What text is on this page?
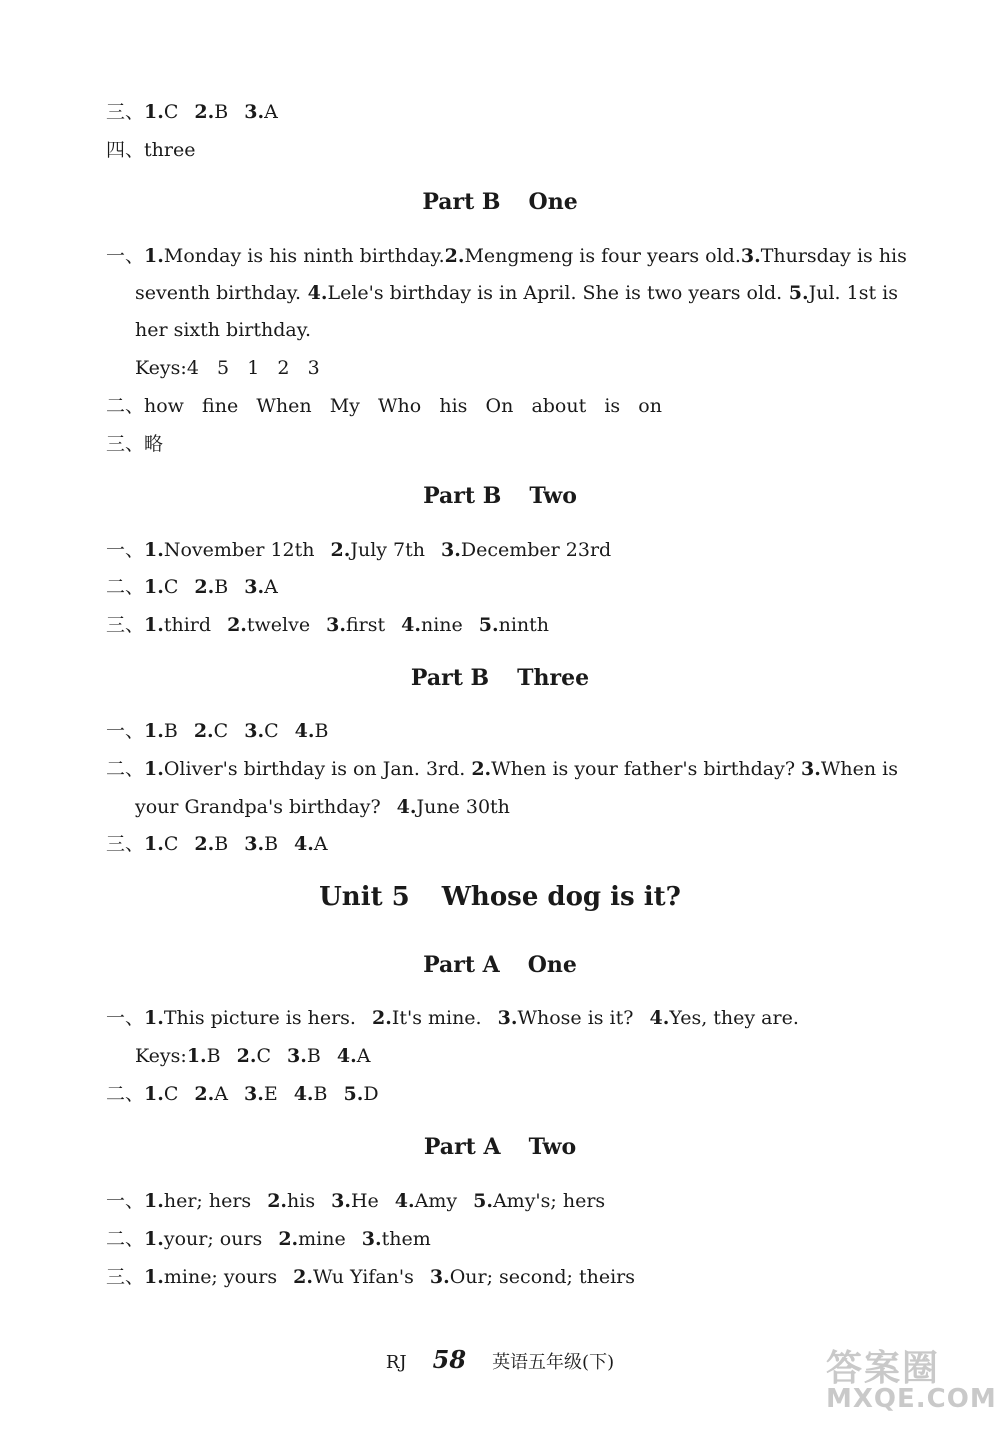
三、1.C 2.B 3.A
四、three
Part B One
一、1.Monday is his ninth birthday. 2.Mengmeng is four years old. 3.Thursday is his
seventh birthday. 4.Lele's birthday is in April. She is two years old. 5.Jul. 1st is
her sixth birthday.
Keys:4   5   1   2   3
二、how   fine   When   My   Who   his   On   about   is   on
三、略
Part B Two
一、1.November 12th 2.July 7th 3.December 23rd
二、1.C 2.B 3.A
三、1.third 2.twelve 3.first 4.nine 5.ninth
Part B Three
一、1.B 2.C 3.C 4.B
二、1.Oliver's birthday is on Jan. 3rd. 2.When is your father's birthday? 3.When is
your Grandpa's birthday? 4.June 30th
三、1.C 2.B 3.B 4.A
Unit 5 Whose dog is it?
Part A One
一、1.This picture is hers. 2.It's mine. 3.Whose is it? 4.Yes, they are.
Keys:1.B 2.C 3.B 4.A
二、1.C 2.A 3.E 4.B 5.D
Part A Two
一、1.her; hers 2.his 3.He 4.Amy 5.Amy's; hers
二、1.your; ours 2.mine 3.them
三、1.mine; yours 2.Wu Yifan's 3.Our; second; theirs
RJ 58 英语五年级(下)	答案圈
MXQE.COM
